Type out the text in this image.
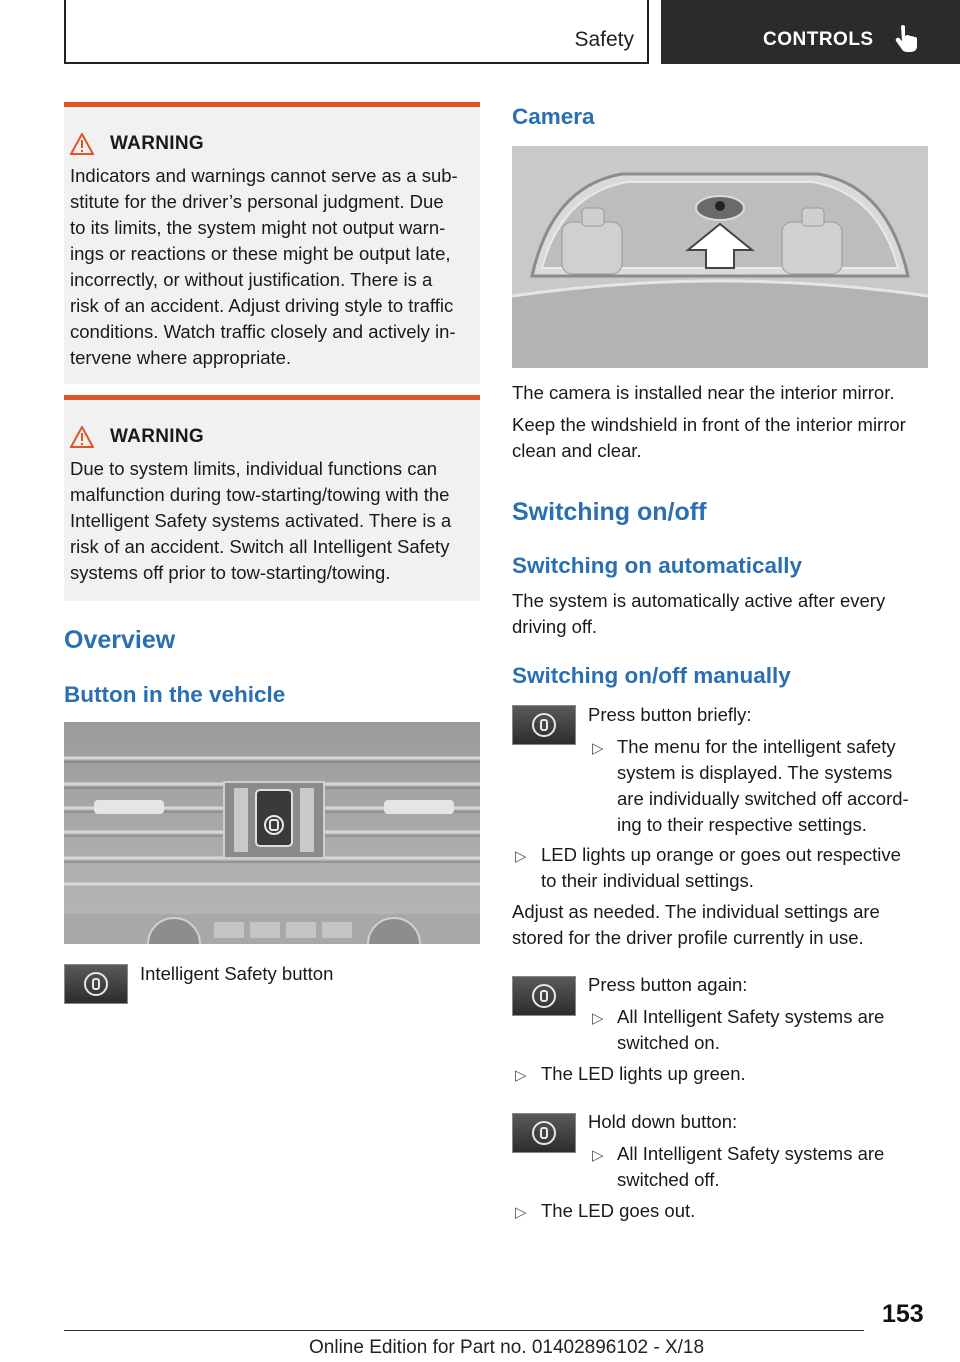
Safety	CONTROLS
WARNING
Indicators and warnings cannot serve as a sub‐
stitute for the driver’s personal judgment. Due
to its limits, the system might not output warn‐
ings or reactions or these might be output late,
incorrectly, or without justification. There is a
risk of an accident. Adjust driving style to traffic
conditions. Watch traffic closely and actively in‐
tervene where appropriate.
WARNING
Due to system limits, individual functions can
malfunction during tow-starting/towing with the
Intelligent Safety systems activated. There is a
risk of an accident. Switch all Intelligent Safety
systems off prior to tow-starting/towing.
Overview
Button in the vehicle
Intelligent Safety button
Camera
The camera is installed near the interior mirror.
Keep the windshield in front of the interior mirror
clean and clear.
Switching on/off
Switching on automatically
The system is automatically active after every
driving off.
Switching on/off manually
Press button briefly:
▷ The menu for the intelligent safety
system is displayed. The systems
are individually switched off accord‐
ing to their respective settings.
▷ LED lights up orange or goes out respective
to their individual settings.
Adjust as needed. The individual settings are
stored for the driver profile currently in use.
Press button again:
▷ All Intelligent Safety systems are
switched on.
▷ The LED lights up green.
Hold down button:
▷ All Intelligent Safety systems are
switched off.
▷ The LED goes out.
153
Online Edition for Part no. 01402896102 - X/18
